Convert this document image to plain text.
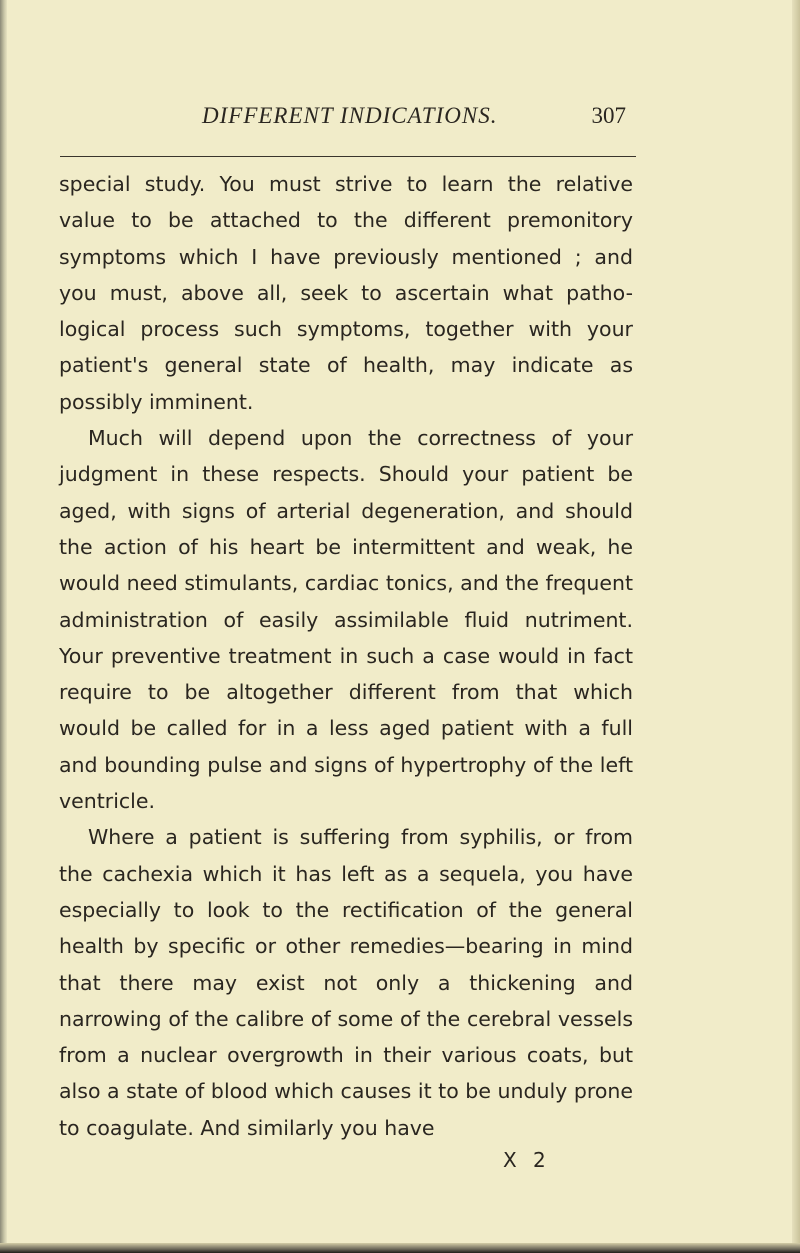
DIFFERENT INDICATIONS.	307

special study. You must strive to learn the relative value to be attached to the different premonitory symptoms which I have previously mentioned ; and you must, above all, seek to ascertain what patho- logical process such symptoms, together with your patient's general state of health, may indicate as possibly imminent.

Much will depend upon the correctness of your judgment in these respects. Should your patient be aged, with signs of arterial degeneration, and should the action of his heart be intermittent and weak, he would need stimulants, cardiac tonics, and the frequent administration of easily assimilable fluid nutriment. Your preventive treatment in such a case would in fact require to be altogether different from that which would be called for in a less aged patient with a full and bounding pulse and signs of hypertrophy of the left ventricle.

Where a patient is suffering from syphilis, or from the cachexia which it has left as a sequela, you have especially to look to the rectification of the general health by specific or other remedies—bearing in mind that there may exist not only a thickening and narrowing of the calibre of some of the cerebral vessels from a nuclear overgrowth in their various coats, but also a state of blood which causes it to be unduly prone to coagulate. And similarly you have

X 2
